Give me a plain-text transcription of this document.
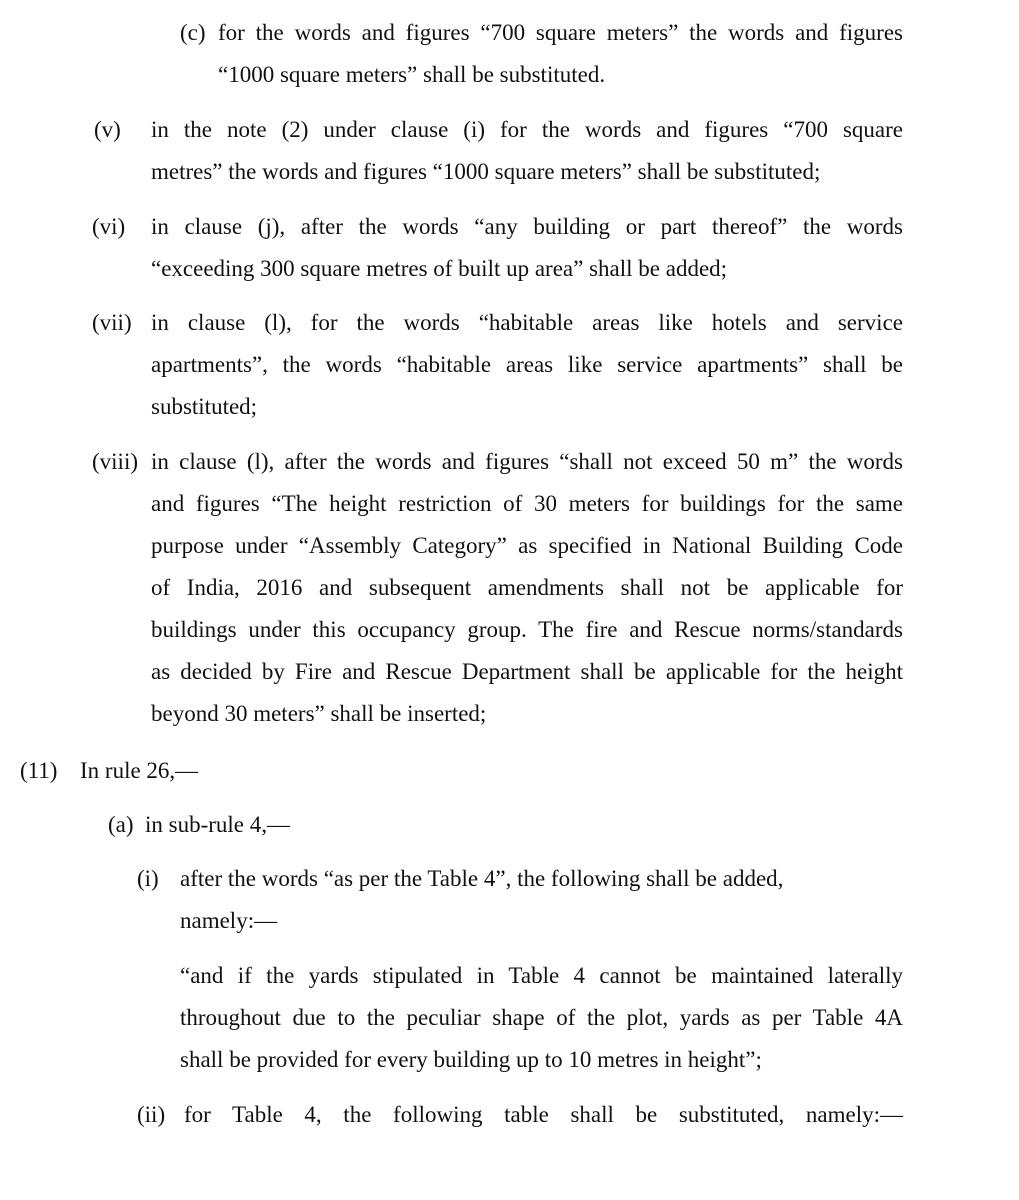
(c) for the words and figures “700 square meters” the words and figures
“1000 square meters” shall be substituted.
(v) in the note (2) under clause (i) for the words and figures “700 square
metres” the words and figures “1000 square meters” shall be substituted;
(vi) in clause (j), after the words “any building or part thereof” the words
“exceeding 300 square metres of built up area” shall be added;
(vii) in clause (l), for the words “habitable areas like hotels and service
apartments”, the words “habitable areas like service apartments” shall be
substituted;
(viii) in clause (l), after the words and figures “shall not exceed 50 m” the words
and figures “The height restriction of 30 meters for buildings for the same
purpose under “Assembly Category” as specified in National Building Code
of India, 2016 and subsequent amendments shall not be applicable for
buildings under this occupancy group. The fire and Rescue norms/standards
as decided by Fire and Rescue Department shall be applicable for the height
beyond 30 meters” shall be inserted;
(11) In rule 26,—
(a) in sub-rule 4,—
(i) after the words “as per the Table 4”, the following shall be added,
namely:—
“and if the yards stipulated in Table 4 cannot be maintained laterally
throughout due to the peculiar shape of the plot, yards as per Table 4A
shall be provided for every building up to 10 metres in height”;
(ii) for Table 4, the following table shall be substituted, namely:—
